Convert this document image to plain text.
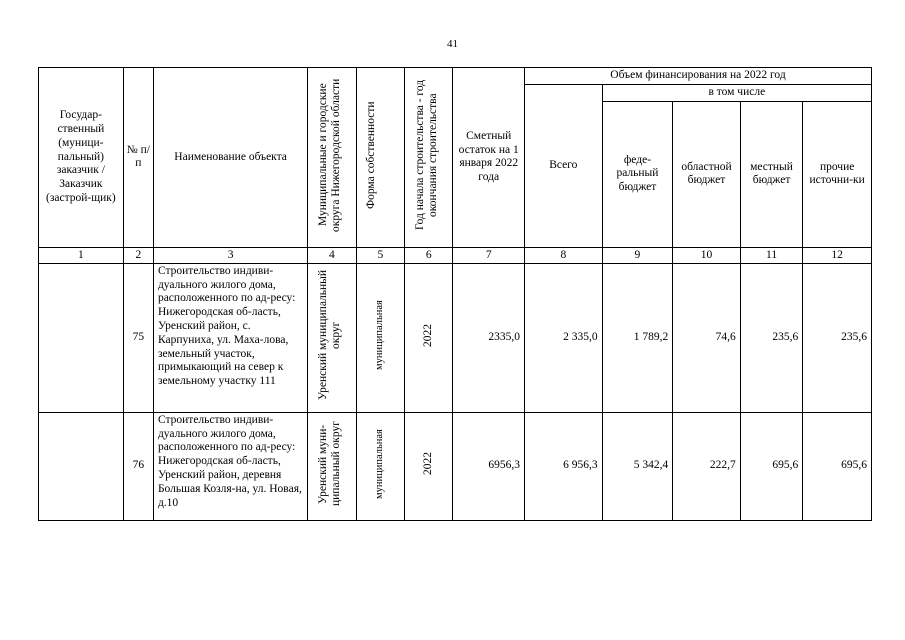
41
Государ-ственный (муници-пальный) заказчик / Заказчик (застрой-щик)	№ п/п	Наименование объекта	Муниципальные и городские округа Нижегородской области	Форма собственности	Год начала строительства - год окончания строительства	Сметный остаток на 1 января 2022 года	Объем финансирования на 2022 год				
							Всего	в том числе			
								феде-ральный бюджет	областной бюджет	местный бюджет	прочие источни-ки
1	2	3	4	5	6	7	8	9	10	11	12
	75	Строительство индиви-дуального жилого дома, расположенного по ад-ресу: Нижегородская об-ласть, Уренский район, с. Карпуниха, ул. Маха-лова, земельный участок, примыкающий на север к земельному участку 111	Уренский муниципальный округ	муниципальная	2022	2335,0	2 335,0	1 789,2	74,6	235,6	235,6
	76	Строительство индиви-дуального жилого дома, расположенного по ад-ресу: Нижегородская об-ласть, Уренский район, деревня Большая Козля-на, ул. Новая, д.10	Уренский муни-ципальный округ	муниципальная	2022	6956,3	6 956,3	5 342,4	222,7	695,6	695,6
